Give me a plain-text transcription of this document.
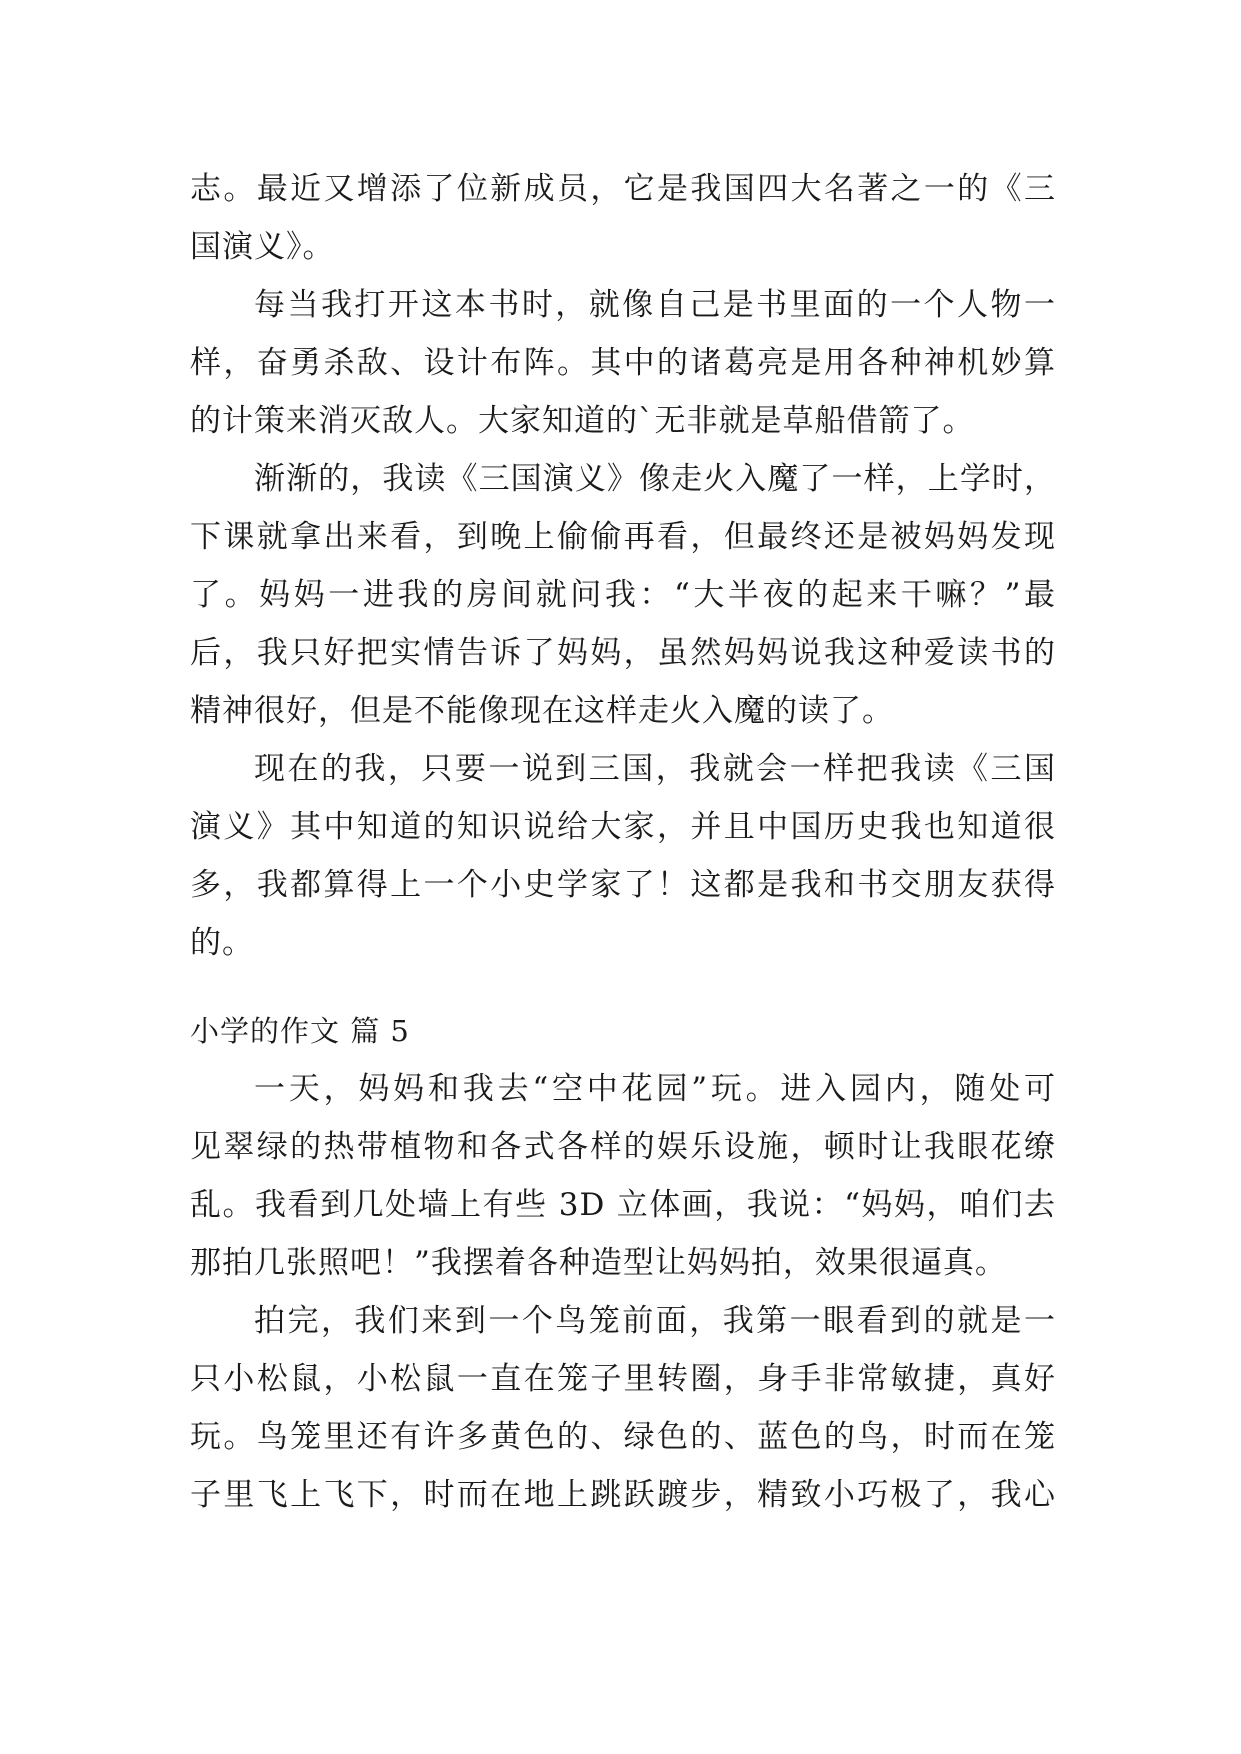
志。最近又增添了位新成员，它是我国四大名著之一的《三
国演义》。
每当我打开这本书时，就像自己是书里面的一个人物一
样，奋勇杀敌、设计布阵。其中的诸葛亮是用各种神机妙算
的计策来消灭敌人。大家知道的`无非就是草船借箭了。
渐渐的，我读《三国演义》像走火入魔了一样，上学时，
下课就拿出来看，到晚上偷偷再看，但最终还是被妈妈发现
了。妈妈一进我的房间就问我：“大半夜的起来干嘛？”最
后，我只好把实情告诉了妈妈，虽然妈妈说我这种爱读书的
精神很好，但是不能像现在这样走火入魔的读了。
现在的我，只要一说到三国，我就会一样把我读《三国
演义》其中知道的知识说给大家，并且中国历史我也知道很
多，我都算得上一个小史学家了！这都是我和书交朋友获得
的。
小学的作文 篇 5
一天，妈妈和我去“空中花园”玩。进入园内，随处可
见翠绿的热带植物和各式各样的娱乐设施，顿时让我眼花缭
乱。我看到几处墙上有些 3D 立体画，我说：“妈妈，咱们去
那拍几张照吧！”我摆着各种造型让妈妈拍，效果很逼真。
拍完，我们来到一个鸟笼前面，我第一眼看到的就是一
只小松鼠，小松鼠一直在笼子里转圈，身手非常敏捷，真好
玩。鸟笼里还有许多黄色的、绿色的、蓝色的鸟，时而在笼
子里飞上飞下，时而在地上跳跃踱步，精致小巧极了，我心
